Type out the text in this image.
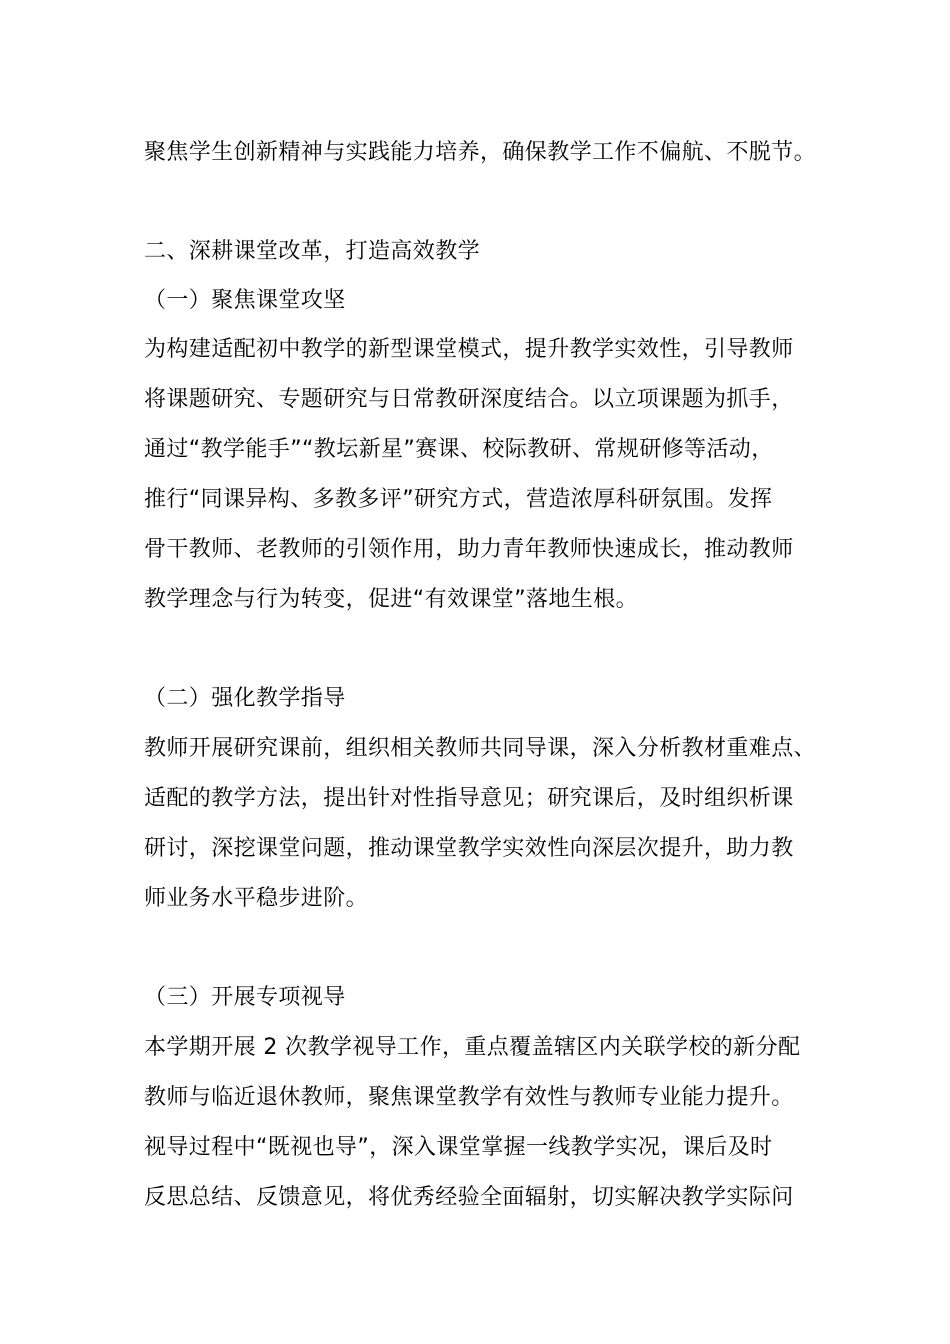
聚焦学生创新精神与实践能力培养，确保教学工作不偏航、不脱节。
二、深耕课堂改革，打造高效教学
（一）聚焦课堂攻坚
为构建适配初中教学的新型课堂模式，提升教学实效性，引导教师
将课题研究、专题研究与日常教研深度结合。以立项课题为抓手，
通过“教学能手”“教坛新星”赛课、校际教研、常规研修等活动，
推行“同课异构、多教多评”研究方式，营造浓厚科研氛围。发挥
骨干教师、老教师的引领作用，助力青年教师快速成长，推动教师
教学理念与行为转变，促进“有效课堂”落地生根。
（二）强化教学指导
教师开展研究课前，组织相关教师共同导课，深入分析教材重难点、
适配的教学方法，提出针对性指导意见；研究课后，及时组织析课
研讨，深挖课堂问题，推动课堂教学实效性向深层次提升，助力教
师业务水平稳步进阶。
（三）开展专项视导
本学期开展 2 次教学视导工作，重点覆盖辖区内关联学校的新分配
教师与临近退休教师，聚焦课堂教学有效性与教师专业能力提升。
视导过程中“既视也导”，深入课堂掌握一线教学实况，课后及时
反思总结、反馈意见，将优秀经验全面辐射，切实解决教学实际问
